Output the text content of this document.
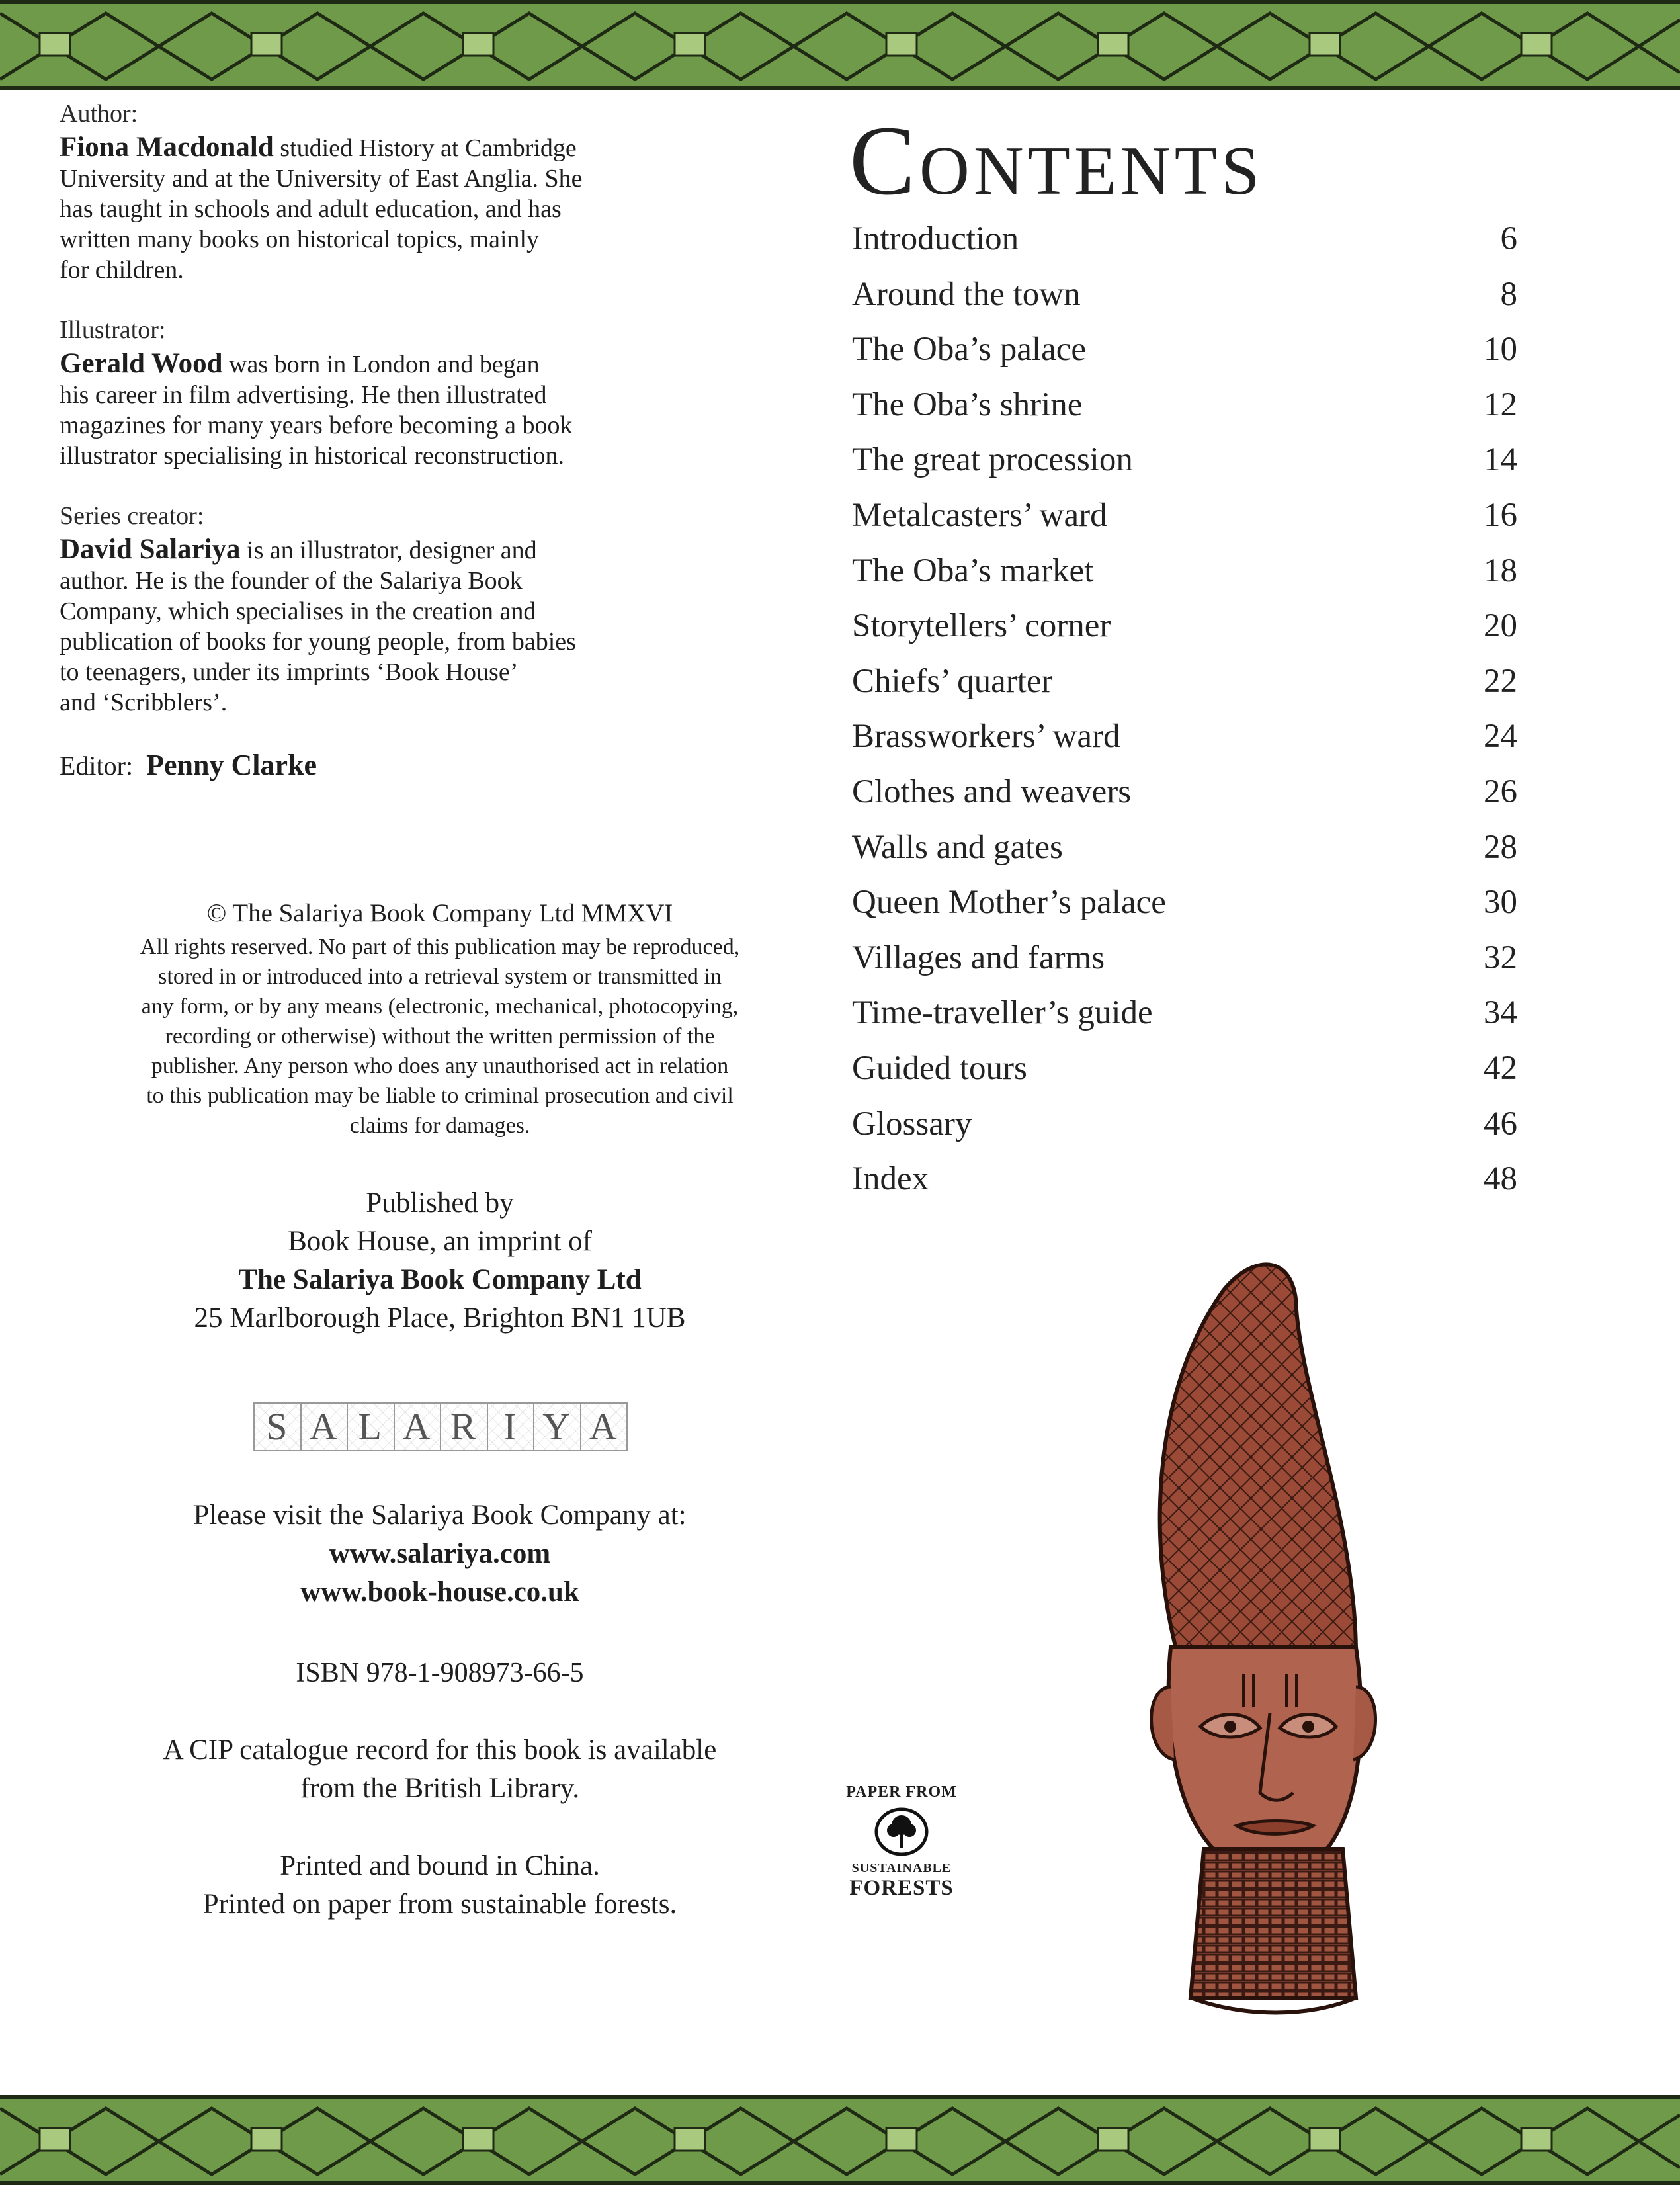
Author:

Fiona Macdonald studied History at Cambridge
University and at the University of East Anglia. She
has taught in schools and adult education, and has
written many books on historical topics, mainly
for children.

Illustrator:

Gerald Wood was born in London and began
his career in film advertising. He then illustrated
magazines for many years before becoming a book
illustrator specialising in historical reconstruction.

Series creator:

David Salariya is an illustrator, designer and
author. He is the founder of the Salariya Book
Company, which specialises in the creation and
publication of books for young people, from babies
to teenagers, under its imprints ‘Book House’
and ‘Scribblers’.

Editor: Penny Clarke

© The Salariya Book Company Ltd MMXVI

All rights reserved. No part of this publication may be reproduced,
stored in or introduced into a retrieval system or transmitted in
any form, or by any means (electronic, mechanical, photocopying,
recording or otherwise) without the written permission of the
publisher. Any person who does any unauthorised act in relation
to this publication may be liable to criminal prosecution and civil
claims for damages.

Published by

Book House, an imprint of

The Salariya Book Company Ltd

25 Marlborough Place, Brighton BN1 1UB

S A L A R I Y A

Please visit the Salariya Book Company at:

www.salariya.com

www.book-house.co.uk

ISBN 978-1-908973-66-5

A CIP catalogue record for this book is available

from the British Library.

Printed and bound in China.

Printed on paper from sustainable forests.

Contents
Introduction	6
Around the town	8
The Oba’s palace	10
The Oba’s shrine	12
The great procession	14
Metalcasters’ ward	16
The Oba’s market	18
Storytellers’ corner	20
Chiefs’ quarter	22
Brassworkers’ ward	24
Clothes and weavers	26
Walls and gates	28
Queen Mother’s palace	30
Villages and farms	32
Time-traveller’s guide	34
Guided tours	42
Glossary	46
Index	48

PAPER FROM

SUSTAINABLE

FORESTS
